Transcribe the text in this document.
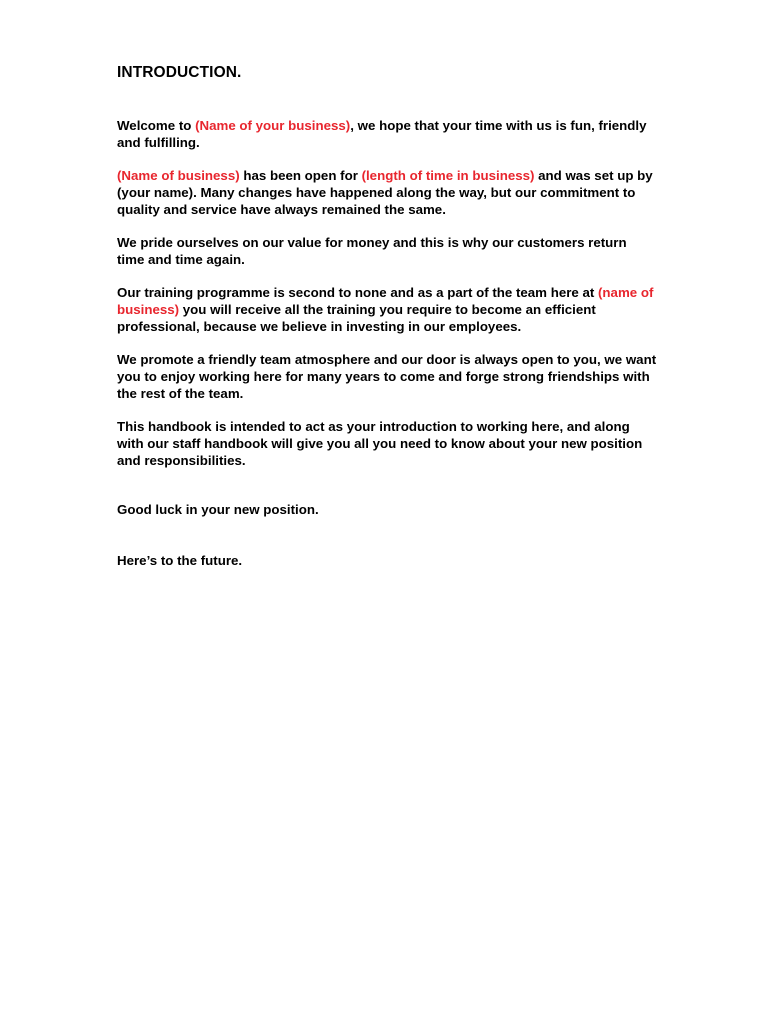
INTRODUCTION.

Welcome to (Name of your business), we hope that your time with us is fun, friendly and fulfilling.

(Name of business) has been open for (length of time in business) and was set up by (your name). Many changes have happened along the way, but our commitment to quality and service have always remained the same.

We pride ourselves on our value for money and this is why our customers return time and time again.

Our training programme is second to none and as a part of the team here at (name of business) you will receive all the training you require to become an efficient professional, because we believe in investing in our employees.

We promote a friendly team atmosphere and our door is always open to you, we want you to enjoy working here for many years to come and forge strong friendships with the rest of the team.

This handbook is intended to act as your introduction to working here, and along with our staff handbook will give you all you need to know about your new position and responsibilities.

Good luck in your new position.

Here’s to the future.
